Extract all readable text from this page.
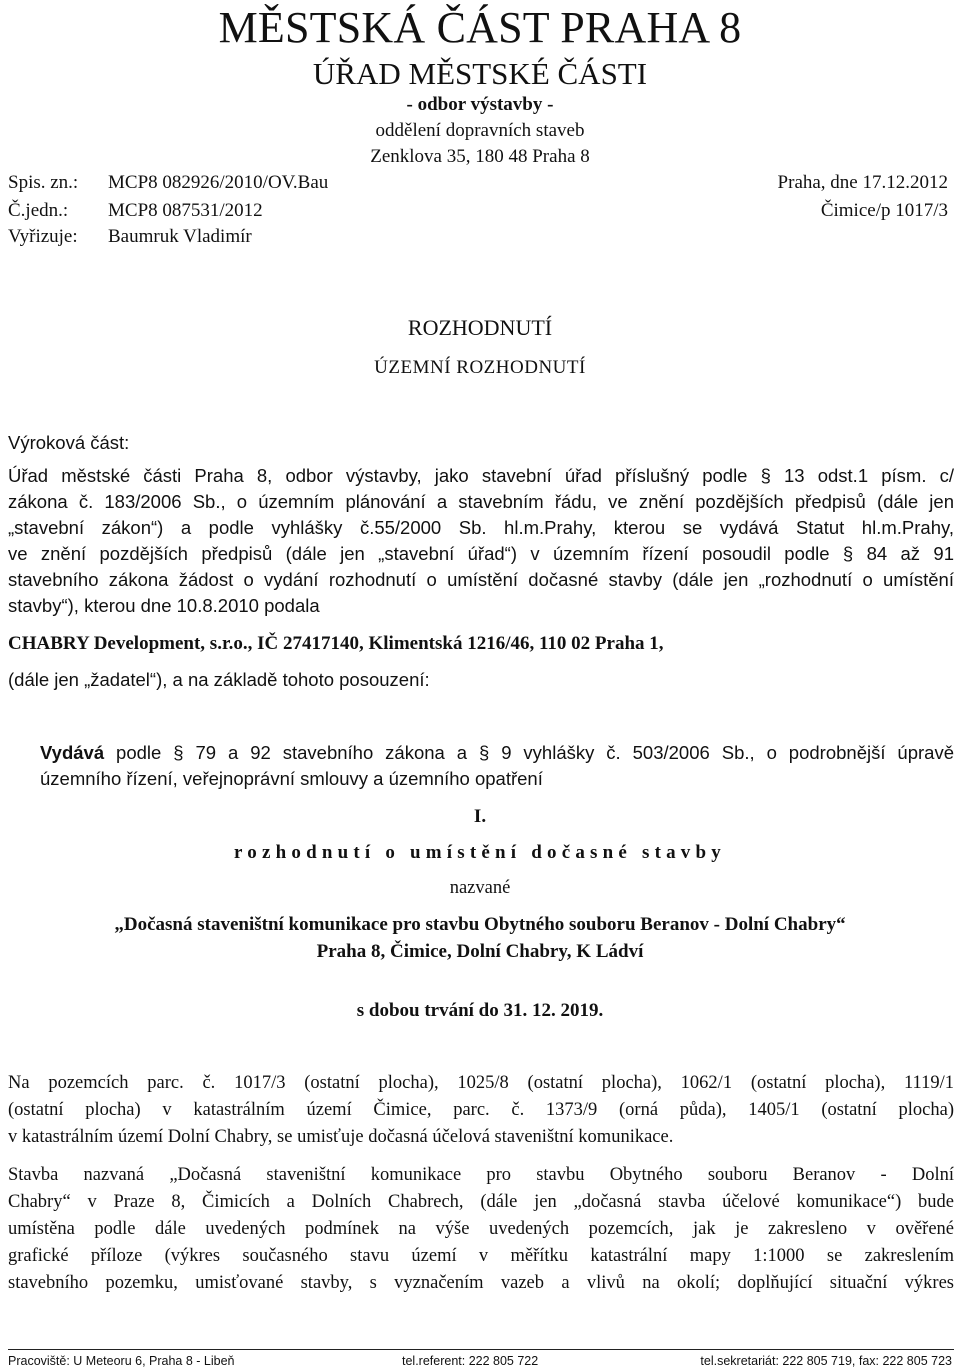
MĚSTSKÁ ČÁST PRAHA 8
ÚŘAD MĚSTSKÉ ČÁSTI
- odbor výstavby -
oddělení dopravních staveb
Zenklova 35, 180 48 Praha 8
Spis. zn.: MCP8 082926/2010/OV.Bau	Praha, dne 17.12.2012
Č.jedn.: MCP8 087531/2012	Čimice/p 1017/3
Vyřizuje: Baumruk Vladimír
ROZHODNUTÍ
ÚZEMNÍ ROZHODNUTÍ
Výroková část:
Úřad městské části Praha 8, odbor výstavby, jako stavební úřad příslušný podle § 13 odst.1 písm. c/
zákona č. 183/2006 Sb., o územním plánování a stavebním řádu, ve znění pozdějších předpisů (dále jen
„stavební zákon“) a podle vyhlášky č.55/2000 Sb. hl.m.Prahy, kterou se vydává Statut hl.m.Prahy,
ve znění pozdějších předpisů (dále jen „stavební úřad“) v územním řízení posoudil podle § 84 až 91
stavebního zákona žádost o vydání rozhodnutí o umístění dočasné stavby (dále jen „rozhodnutí o umístění
stavby“), kterou dne 10.8.2010 podala
CHABRY Development, s.r.o., IČ 27417140, Klimentská 1216/46, 110 02 Praha 1,
(dále jen „žadatel“), a na základě tohoto posouzení:
Vydává podle § 79 a 92 stavebního zákona a § 9 vyhlášky č. 503/2006 Sb., o podrobnější úpravě
územního řízení, veřejnoprávní smlouvy a územního opatření
I.
rozhodnutí o umístění dočasné stavby
nazvané
„Dočasná staveništní komunikace pro stavbu Obytného souboru Beranov - Dolní Chabry“
Praha 8, Čimice, Dolní Chabry, K Ládví
s dobou trvání do 31. 12. 2019.
Na pozemcích parc. č. 1017/3 (ostatní plocha), 1025/8 (ostatní plocha), 1062/1 (ostatní plocha), 1119/1
(ostatní plocha) v katastrálním území Čimice, parc. č. 1373/9 (orná půda), 1405/1 (ostatní plocha)
v katastrálním území Dolní Chabry, se umisťuje dočasná účelová staveništní komunikace.
Stavba nazvaná „Dočasná staveništní komunikace pro stavbu Obytného souboru Beranov - Dolní
Chabry“ v Praze 8, Čimicích a Dolních Chabrech, (dále jen „dočasná stavba účelové komunikace“) bude
umístěna podle dále uvedených podmínek na výše uvedených pozemcích, jak je zakresleno v ověřené
grafické příloze (výkres současného stavu území v měřítku katastrální mapy 1:1000 se zakreslením
stavebního pozemku, umisťované stavby, s vyznačením vazeb a vlivů na okolí; doplňující situační výkres
Pracoviště: U Meteoru 6, Praha 8 - Libeň	tel.referent: 222 805 722	tel.sekretariát: 222 805 719, fax: 222 805 723
